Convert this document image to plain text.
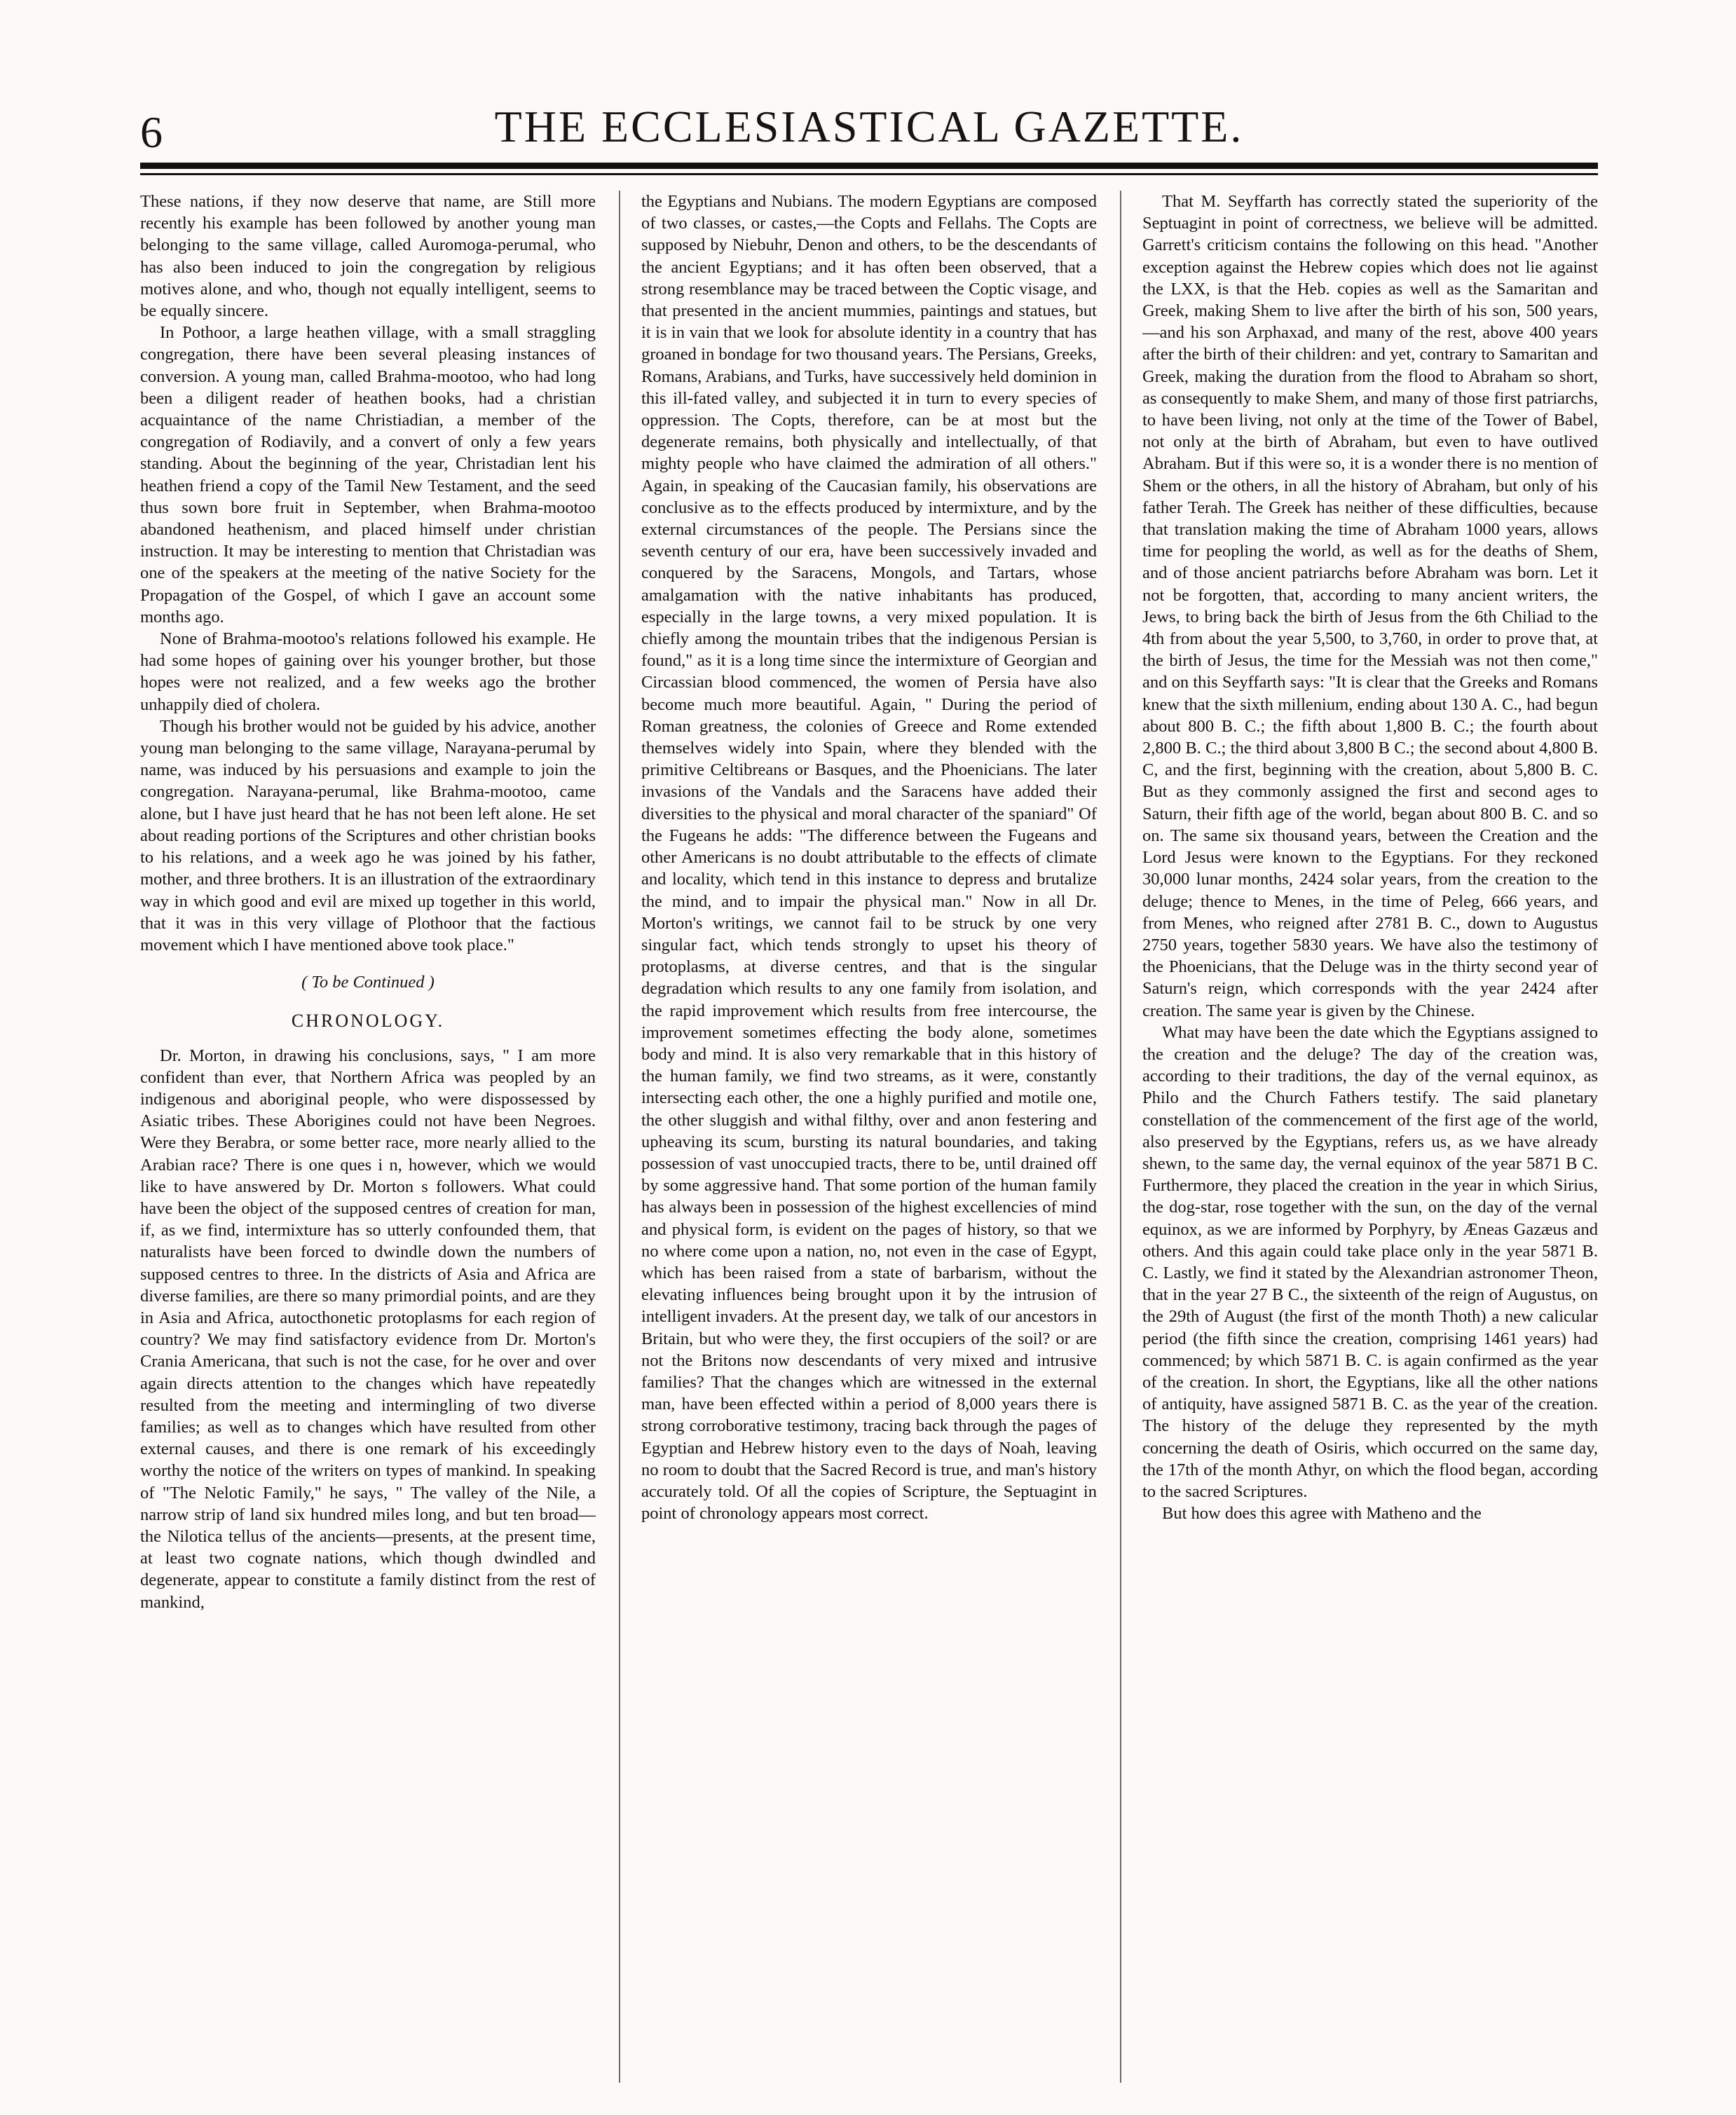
6	THE ECCLESIASTICAL GAZETTE.

These nations, if they now deserve that name, are Still more recently his example has been followed by another young man belonging to the same village, called Auromoga-perumal, who has also been induced to join the congregation by religious motives alone, and who, though not equally intelligent, seems to be equally sincere.

In Pothoor, a large heathen village, with a small straggling congregation, there have been several pleasing instances of conversion. A young man, called Brahma-mootoo, who had long been a diligent reader of heathen books, had a christian acquaintance of the name Christiadian, a member of the congregation of Rodiavily, and a convert of only a few years standing. About the beginning of the year, Christadian lent his heathen friend a copy of the Tamil New Testament, and the seed thus sown bore fruit in September, when Brahma-mootoo abandoned heathenism, and placed himself under christian instruction. It may be interesting to mention that Christadian was one of the speakers at the meeting of the native Society for the Propagation of the Gospel, of which I gave an account some months ago.

None of Brahma-mootoo's relations followed his example. He had some hopes of gaining over his younger brother, but those hopes were not realized, and a few weeks ago the brother unhappily died of cholera.

Though his brother would not be guided by his advice, another young man belonging to the same village, Narayana-perumal by name, was induced by his persuasions and example to join the congregation. Narayana-perumal, like Brahma-mootoo, came alone, but I have just heard that he has not been left alone. He set about reading portions of the Scriptures and other christian books to his relations, and a week ago he was joined by his father, mother, and three brothers. It is an illustration of the extraordinary way in which good and evil are mixed up together in this world, that it was in this very village of Plothoor that the factious movement which I have mentioned above took place."

( To be Continued )
CHRONOLOGY.

Dr. Morton, in drawing his conclusions, says, " I am more confident than ever, that Northern Africa was peopled by an indigenous and aboriginal people, who were dispossessed by Asiatic tribes. These Aborigines could not have been Negroes. Were they Berabra, or some better race, more nearly allied to the Arabian race? There is one ques i n, however, which we would like to have answered by Dr. Morton s followers. What could have been the object of the supposed centres of creation for man, if, as we find, intermixture has so utterly confounded them, that naturalists have been forced to dwindle down the numbers of supposed centres to three. In the districts of Asia and Africa are diverse families, are there so many primordial points, and are they in Asia and Africa, autocthonetic protoplasms for each region of country? We may find satisfactory evidence from Dr. Morton's Crania Americana, that such is not the case, for he over and over again directs attention to the changes which have repeatedly resulted from the meeting and intermingling of two diverse families; as well as to changes which have resulted from other external causes, and there is one remark of his exceedingly worthy the notice of the writers on types of mankind. In speaking of "The Nelotic Family," he says, " The valley of the Nile, a narrow strip of land six hundred miles long, and but ten broad—the Nilotica tellus of the ancients—presents, at the present time, at least two cognate nations, which though dwindled and degenerate, appear to constitute a family distinct from the rest of mankind,

the Egyptians and Nubians. The modern Egyptians are composed of two classes, or castes,—the Copts and Fellahs. The Copts are supposed by Niebuhr, Denon and others, to be the descendants of the ancient Egyptians; and it has often been observed, that a strong resemblance may be traced between the Coptic visage, and that presented in the ancient mummies, paintings and statues, but it is in vain that we look for absolute identity in a country that has groaned in bondage for two thousand years. The Persians, Greeks, Romans, Arabians, and Turks, have successively held dominion in this ill-fated valley, and subjected it in turn to every species of oppression. The Copts, therefore, can be at most but the degenerate remains, both physically and intellectually, of that mighty people who have claimed the admiration of all others." Again, in speaking of the Caucasian family, his observations are conclusive as to the effects produced by intermixture, and by the external circumstances of the people. The Persians since the seventh century of our era, have been successively invaded and conquered by the Saracens, Mongols, and Tartars, whose amalgamation with the native inhabitants has produced, especially in the large towns, a very mixed population. It is chiefly among the mountain tribes that the indigenous Persian is found," as it is a long time since the intermixture of Georgian and Circassian blood commenced, the women of Persia have also become much more beautiful. Again, " During the period of Roman greatness, the colonies of Greece and Rome extended themselves widely into Spain, where they blended with the primitive Celtibreans or Basques, and the Phoenicians. The later invasions of the Vandals and the Saracens have added their diversities to the physical and moral character of the spaniard" Of the Fugeans he adds: "The difference between the Fugeans and other Americans is no doubt attributable to the effects of climate and locality, which tend in this instance to depress and brutalize the mind, and to impair the physical man." Now in all Dr. Morton's writings, we cannot fail to be struck by one very singular fact, which tends strongly to upset his theory of protoplasms, at diverse centres, and that is the singular degradation which results to any one family from isolation, and the rapid improvement which results from free intercourse, the improvement sometimes effecting the body alone, sometimes body and mind. It is also very remarkable that in this history of the human family, we find two streams, as it were, constantly intersecting each other, the one a highly purified and motile one, the other sluggish and withal filthy, over and anon festering and upheaving its scum, bursting its natural boundaries, and taking possession of vast unoccupied tracts, there to be, until drained off by some aggressive hand. That some portion of the human family has always been in possession of the highest excellencies of mind and physical form, is evident on the pages of history, so that we no where come upon a nation, no, not even in the case of Egypt, which has been raised from a state of barbarism, without the elevating influences being brought upon it by the intrusion of intelligent invaders. At the present day, we talk of our ancestors in Britain, but who were they, the first occupiers of the soil? or are not the Britons now descendants of very mixed and intrusive families? That the changes which are witnessed in the external man, have been effected within a period of 8,000 years there is strong corroborative testimony, tracing back through the pages of Egyptian and Hebrew history even to the days of Noah, leaving no room to doubt that the Sacred Record is true, and man's history accurately told. Of all the copies of Scripture, the Septuagint in point of chronology appears most correct.

That M. Seyffarth has correctly stated the superiority of the Septuagint in point of correctness, we believe will be admitted. Garrett's criticism contains the following on this head. "Another exception against the Hebrew copies which does not lie against the LXX, is that the Heb. copies as well as the Samaritan and Greek, making Shem to live after the birth of his son, 500 years,—and his son Arphaxad, and many of the rest, above 400 years after the birth of their children: and yet, contrary to Samaritan and Greek, making the duration from the flood to Abraham so short, as consequently to make Shem, and many of those first patriarchs, to have been living, not only at the time of the Tower of Babel, not only at the birth of Abraham, but even to have outlived Abraham. But if this were so, it is a wonder there is no mention of Shem or the others, in all the history of Abraham, but only of his father Terah. The Greek has neither of these difficulties, because that translation making the time of Abraham 1000 years, allows time for peopling the world, as well as for the deaths of Shem, and of those ancient patriarchs before Abraham was born. Let it not be forgotten, that, according to many ancient writers, the Jews, to bring back the birth of Jesus from the 6th Chiliad to the 4th from about the year 5,500, to 3,760, in order to prove that, at the birth of Jesus, the time for the Messiah was not then come," and on this Seyffarth says: "It is clear that the Greeks and Romans knew that the sixth millenium, ending about 130 A. C., had begun about 800 B. C.; the fifth about 1,800 B. C.; the fourth about 2,800 B. C.; the third about 3,800 B C.; the second about 4,800 B. C, and the first, beginning with the creation, about 5,800 B. C. But as they commonly assigned the first and second ages to Saturn, their fifth age of the world, began about 800 B. C. and so on. The same six thousand years, between the Creation and the Lord Jesus were known to the Egyptians. For they reckoned 30,000 lunar months, 2424 solar years, from the creation to the deluge; thence to Menes, in the time of Peleg, 666 years, and from Menes, who reigned after 2781 B. C., down to Augustus 2750 years, together 5830 years. We have also the testimony of the Phoenicians, that the Deluge was in the thirty second year of Saturn's reign, which corresponds with the year 2424 after creation. The same year is given by the Chinese.

What may have been the date which the Egyptians assigned to the creation and the deluge? The day of the creation was, according to their traditions, the day of the vernal equinox, as Philo and the Church Fathers testify. The said planetary constellation of the commencement of the first age of the world, also preserved by the Egyptians, refers us, as we have already shewn, to the same day, the vernal equinox of the year 5871 B C. Furthermore, they placed the creation in the year in which Sirius, the dog-star, rose together with the sun, on the day of the vernal equinox, as we are informed by Porphyry, by Æneas Gazæus and others. And this again could take place only in the year 5871 B. C. Lastly, we find it stated by the Alexandrian astronomer Theon, that in the year 27 B C., the sixteenth of the reign of Augustus, on the 29th of August (the first of the month Thoth) a new calicular period (the fifth since the creation, comprising 1461 years) had commenced; by which 5871 B. C. is again confirmed as the year of the creation. In short, the Egyptians, like all the other nations of antiquity, have assigned 5871 B. C. as the year of the creation. The history of the deluge they represented by the myth concerning the death of Osiris, which occurred on the same day, the 17th of the month Athyr, on which the flood began, according to the sacred Scriptures.

But how does this agree with Matheno and the
